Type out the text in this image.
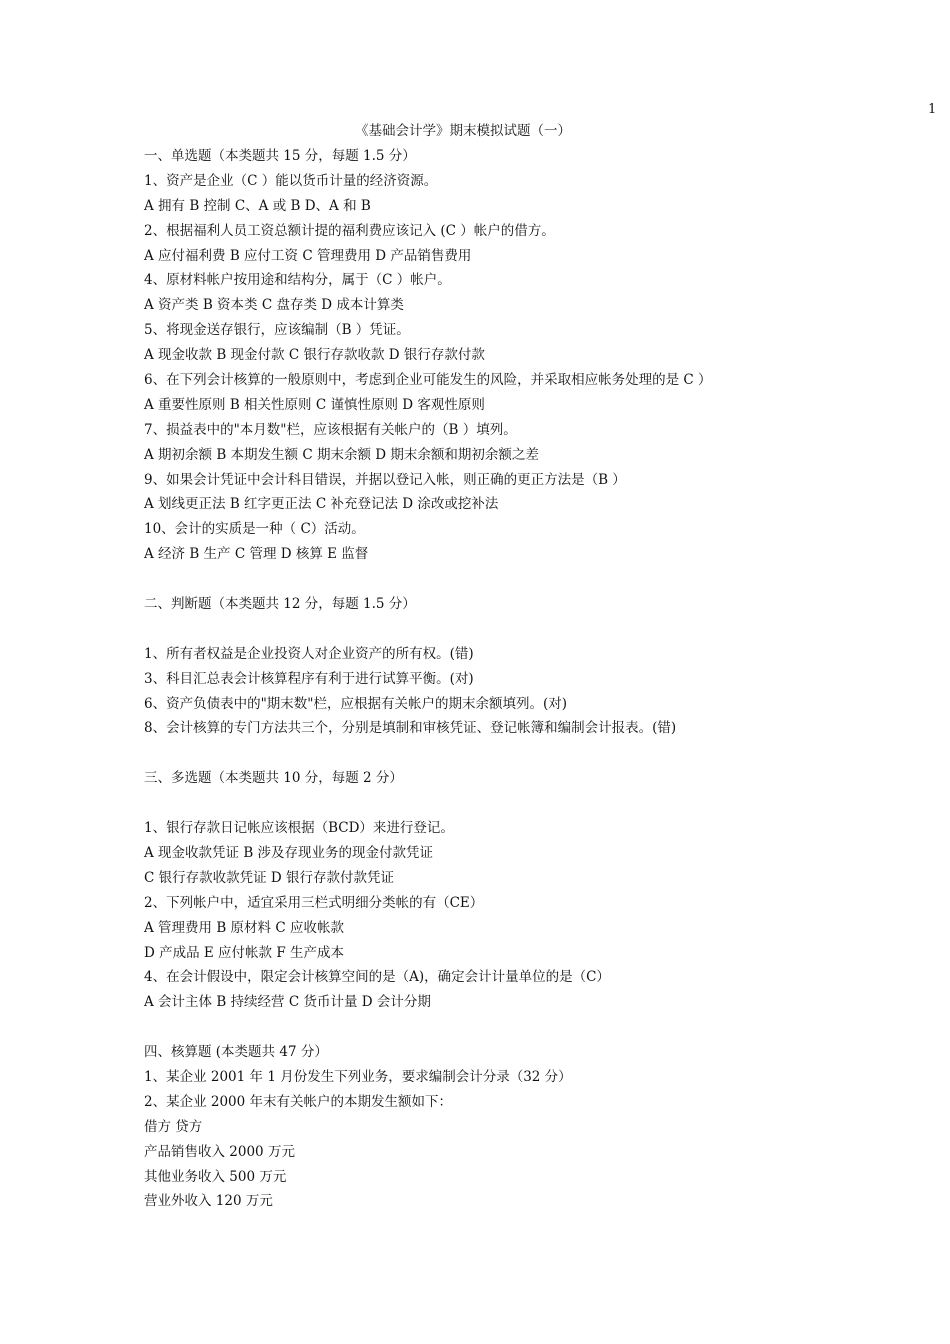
1
《基础会计学》期末模拟试题（一）
一、单选题（本类题共 15 分，每题 1.5 分）
1、资产是企业（C ）能以货币计量的经济资源。
A 拥有 B 控制 C、A 或 B D、A 和 B
2、根据福利人员工资总额计提的福利费应该记入 (C ）帐户的借方。
A 应付福利费 B 应付工资 C 管理费用 D 产品销售费用
4、原材料帐户按用途和结构分，属于（C ）帐户。
A 资产类 B 资本类 C 盘存类 D 成本计算类
5、将现金送存银行，应该编制（B ）凭证。
A 现金收款 B 现金付款 C 银行存款收款 D 银行存款付款
6、在下列会计核算的一般原则中，考虑到企业可能发生的风险，并采取相应帐务处理的是 C ）
A 重要性原则 B 相关性原则 C 谨慎性原则 D 客观性原则
7、损益表中的"本月数"栏，应该根据有关帐户的（B ）填列。
A 期初余额 B 本期发生额 C 期末余额 D 期末余额和期初余额之差
9、如果会计凭证中会计科目错误，并据以登记入帐，则正确的更正方法是（B ）
A 划线更正法 B 红字更正法 C 补充登记法 D 涂改或挖补法
10、会计的实质是一种（ C）活动。
A 经济 B 生产 C 管理 D 核算 E 监督
二、判断题（本类题共 12 分，每题 1.5 分）
1、所有者权益是企业投资人对企业资产的所有权。(错)
3、科目汇总表会计核算程序有利于进行试算平衡。(对)
6、资产负债表中的"期末数"栏，应根据有关帐户的期末余额填列。(对)
8、会计核算的专门方法共三个，分别是填制和审核凭证、登记帐簿和编制会计报表。(错)
三、多选题（本类题共 10 分，每题 2 分）
1、银行存款日记帐应该根据（BCD）来进行登记。
A 现金收款凭证 B 涉及存现业务的现金付款凭证
C 银行存款收款凭证 D 银行存款付款凭证
2、下列帐户中，适宜采用三栏式明细分类帐的有（CE）
A 管理费用 B 原材料 C 应收帐款
D 产成品 E 应付帐款 F 生产成本
4、在会计假设中，限定会计核算空间的是（A)，确定会计计量单位的是（C）
A 会计主体 B 持续经营 C 货币计量 D 会计分期
四、核算题 (本类题共 47 分）
1、某企业 2001 年 1 月份发生下列业务，要求编制会计分录（32 分）
2、某企业 2000 年末有关帐户的本期发生额如下：
借方 贷方
产品销售收入 2000 万元
其他业务收入 500 万元
营业外收入 120 万元
